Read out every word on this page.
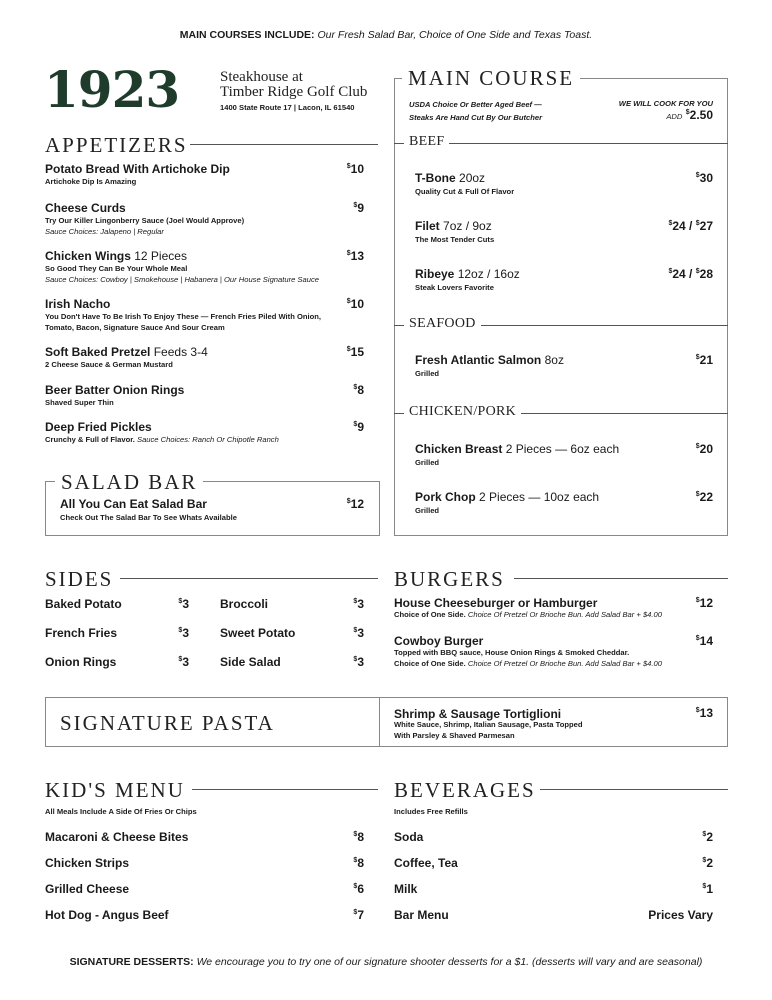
MAIN COURSES INCLUDE: Our Fresh Salad Bar, Choice of One Side and Texas Toast.
1923	Steakhouse at
Timber Ridge Golf Club
1400 State Route 17 | Lacon, IL 61540
APPETIZERS
Potato Bread With Artichoke Dip
Artichoke Dip Is Amazing
$10
Cheese Curds
Try Our Killer Lingonberry Sauce (Joel Would Approve)
Sauce Choices: Jalapeno | Regular
$9
Chicken Wings 12 Pieces
So Good They Can Be Your Whole Meal
Sauce Choices: Cowboy | Smokehouse | Habanera | Our House Signature Sauce
$13
Irish Nacho
You Don't Have To Be Irish To Enjoy These — French Fries Piled With Onion,
Tomato, Bacon, Signature Sauce And Sour Cream
$10
Soft Baked Pretzel Feeds 3-4
2 Cheese Sauce & German Mustard
$15
Beer Batter Onion Rings
Shaved Super Thin
$8
Deep Fried Pickles
Crunchy & Full of Flavor. Sauce Choices: Ranch Or Chipotle Ranch
$9
SALAD BAR
All You Can Eat Salad Bar
Check Out The Salad Bar To See Whats Available
$12
MAIN COURSE
USDA Choice Or Better Aged Beef —
Steaks Are Hand Cut By Our Butcher
WE WILL COOK FOR YOU
ADD $2.50
BEEF
T-Bone 20oz
Quality Cut & Full Of Flavor
$30
Filet 7oz / 9oz
The Most Tender Cuts
$24 / $27
Ribeye 12oz / 16oz
Steak Lovers Favorite
$24 / $28
SEAFOOD
Fresh Atlantic Salmon 8oz
Grilled
$21
CHICKEN/PORK
Chicken Breast 2 Pieces — 6oz each
Grilled
$20
Pork Chop 2 Pieces — 10oz each
Grilled
$22
SIDES
Baked Potato	$3	Broccoli	$3
French Fries	$3	Sweet Potato	$3
Onion Rings	$3	Side Salad	$3
BURGERS
House Cheeseburger or Hamburger
Choice of One Side. Choice Of Pretzel Or Brioche Bun. Add Salad Bar + $4.00
$12
Cowboy Burger
Topped with BBQ sauce, House Onion Rings & Smoked Cheddar.
Choice of One Side. Choice Of Pretzel Or Brioche Bun. Add Salad Bar + $4.00
$14
SIGNATURE PASTA	Shrimp & Sausage Tortiglioni
White Sauce, Shrimp, Italian Sausage, Pasta Topped
With Parsley & Shaved Parmesan
$13
KID'S MENU
All Meals Include A Side Of Fries Or Chips
Macaroni & Cheese Bites	$8
Chicken Strips	$8
Grilled Cheese	$6
Hot Dog - Angus Beef	$7
BEVERAGES
Includes Free Refills
Soda	$2
Coffee, Tea	$2
Milk	$1
Bar Menu	Prices Vary
SIGNATURE DESSERTS: We encourage you to try one of our signature shooter desserts for a $1. (desserts will vary and are seasonal)
